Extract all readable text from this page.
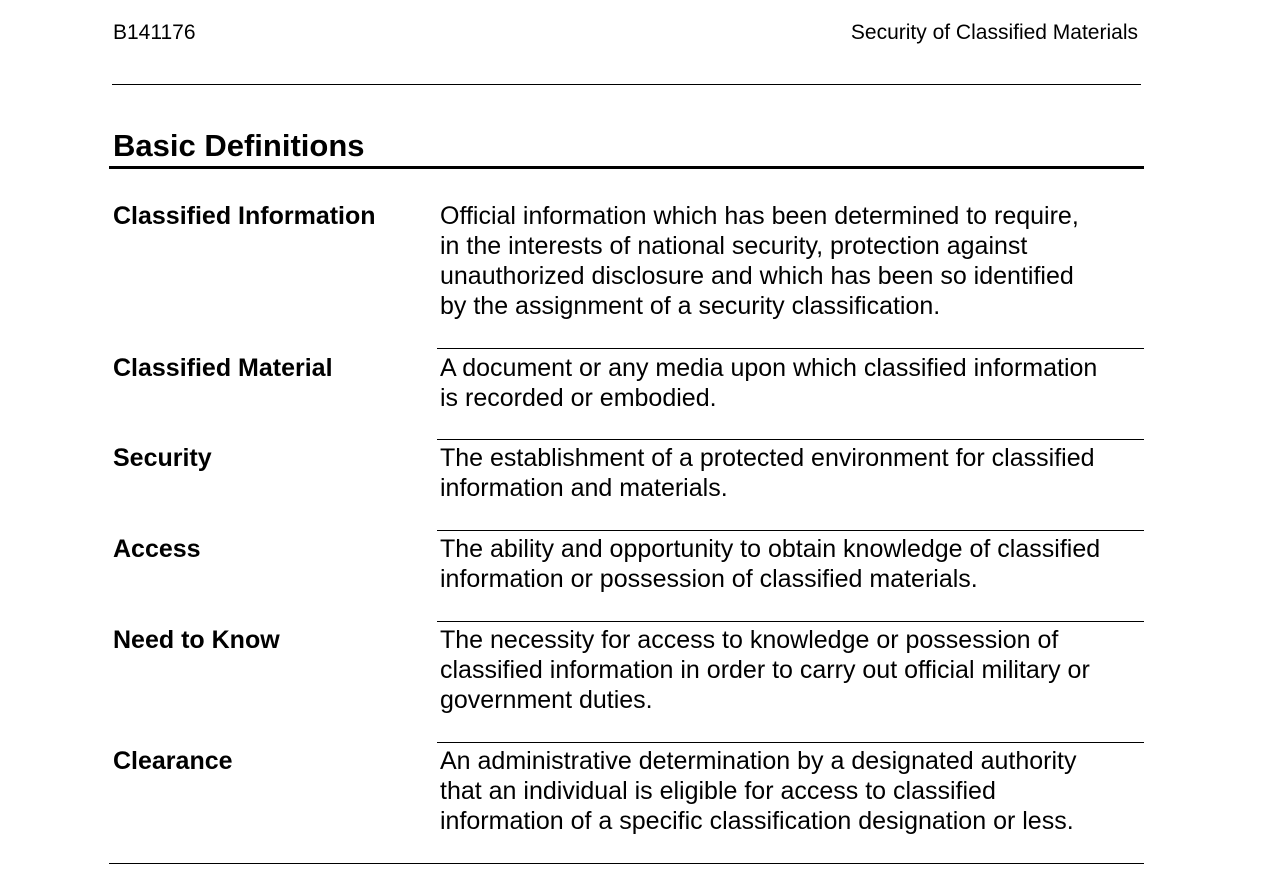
B141176	Security of Classified Materials
Basic Definitions
Classified Information	Official information which has been determined to require,
in the interests of national security, protection against
unauthorized disclosure and which has been so identified
by the assignment of a security classification.
Classified Material	A document or any media upon which classified information
is recorded or embodied.
Security	The establishment of a protected environment for classified
information and materials.
Access	The ability and opportunity to obtain knowledge of classified
information or possession of classified materials.
Need to Know	The necessity for access to knowledge or possession of
classified information in order to carry out official military or
government duties.
Clearance	An administrative determination by a designated authority
that an individual is eligible for access to classified
information of a specific classification designation or less.
